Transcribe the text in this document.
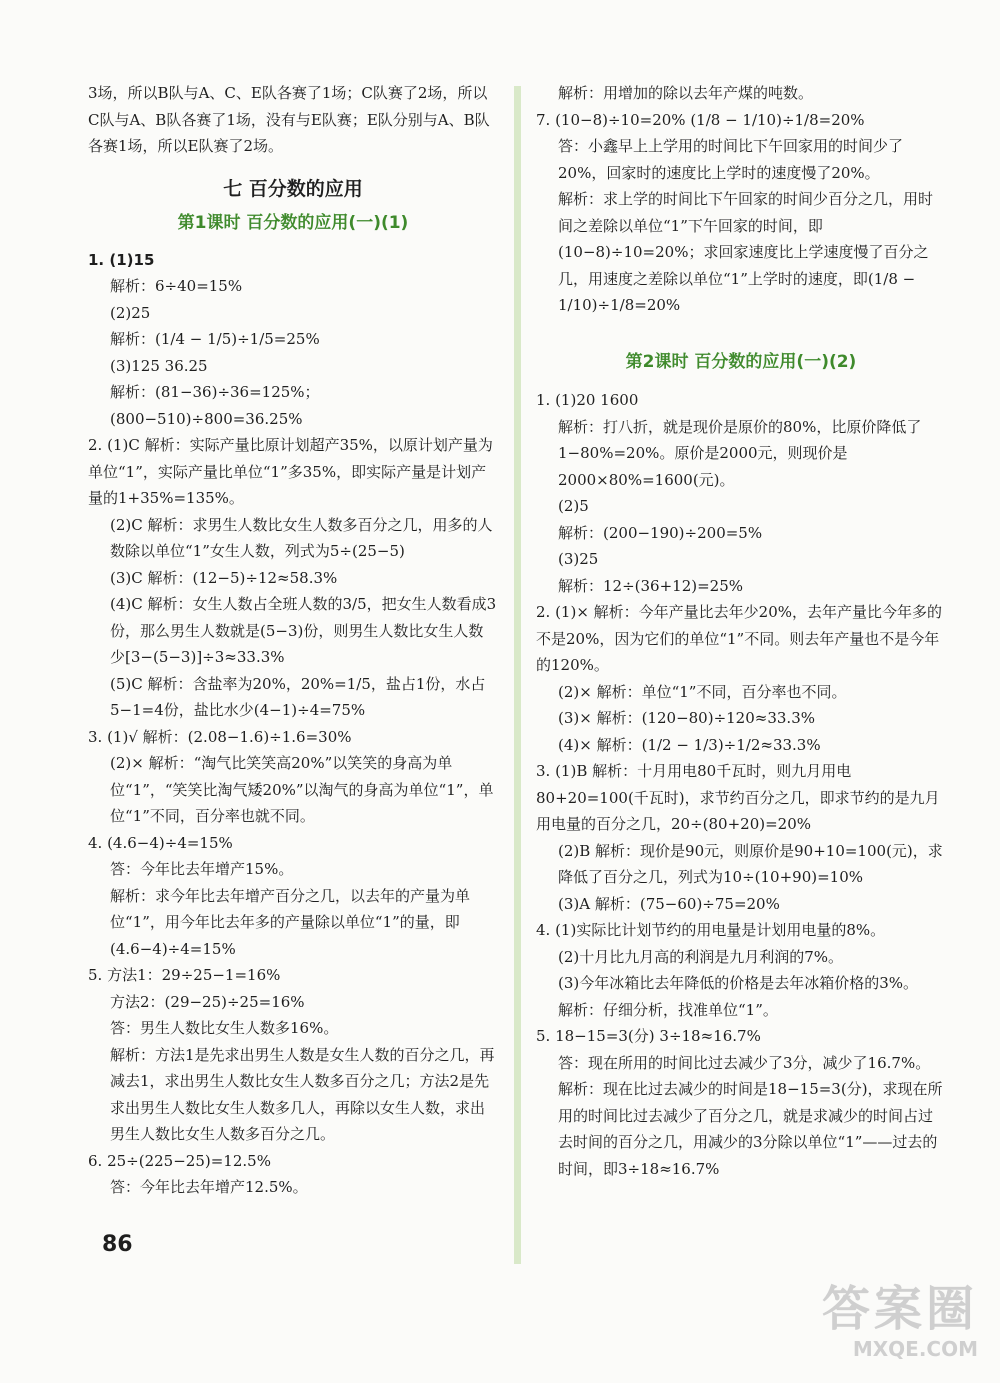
3场，所以B队与A、C、E队各赛了1场；C队赛了2场，所以C队与A、B队各赛了1场，没有与E队赛；E队分别与A、B队各赛1场，所以E队赛了2场。
七 百分数的应用
第1课时 百分数的应用(一)(1)
1. (1)15
解析：6÷40=15%
(2)25
解析：(1/4 − 1/5)÷1/5=25%
(3)125 36.25
解析：(81−36)÷36=125%；(800−510)÷800=36.25%
2. (1)C 解析：实际产量比原计划超产35%，以原计划产量为单位“1”，实际产量比单位“1”多35%，即实际产量是计划产量的1+35%=135%。
(2)C 解析：求男生人数比女生人数多百分之几，用多的人数除以单位“1”女生人数，列式为5÷(25−5)
(3)C 解析：(12−5)÷12≈58.3%
(4)C 解析：女生人数占全班人数的3/5，把女生人数看成3份，那么男生人数就是(5−3)份，则男生人数比女生人数少[3−(5−3)]÷3≈33.3%
(5)C 解析：含盐率为20%，20%=1/5，盐占1份，水占5−1=4份，盐比水少(4−1)÷4=75%
3. (1)√ 解析：(2.08−1.6)÷1.6=30%
(2)× 解析：“淘气比笑笑高20%”以笑笑的身高为单位“1”，“笑笑比淘气矮20%”以淘气的身高为单位“1”，单位“1”不同，百分率也就不同。
4. (4.6−4)÷4=15%
答：今年比去年增产15%。
解析：求今年比去年增产百分之几，以去年的产量为单位“1”，用今年比去年多的产量除以单位“1”的量，即(4.6−4)÷4=15%
5. 方法1：29÷25−1=16%
方法2：(29−25)÷25=16%
答：男生人数比女生人数多16%。
解析：方法1是先求出男生人数是女生人数的百分之几，再减去1，求出男生人数比女生人数多百分之几；方法2是先求出男生人数比女生人数多几人，再除以女生人数，求出男生人数比女生人数多百分之几。
6. 25÷(225−25)=12.5%
答：今年比去年增产12.5%。
解析：用增加的除以去年产煤的吨数。
7. (10−8)÷10=20% (1/8 − 1/10)÷1/8=20%
答：小鑫早上上学用的时间比下午回家用的时间少了20%，回家时的速度比上学时的速度慢了20%。
解析：求上学的时间比下午回家的时间少百分之几，用时间之差除以单位“1”下午回家的时间，即(10−8)÷10=20%；求回家速度比上学速度慢了百分之几，用速度之差除以单位“1”上学时的速度，即(1/8 − 1/10)÷1/8=20%
第2课时 百分数的应用(一)(2)
1. (1)20 1600
解析：打八折，就是现价是原价的80%，比原价降低了1−80%=20%。原价是2000元，则现价是2000×80%=1600(元)。
(2)5
解析：(200−190)÷200=5%
(3)25
解析：12÷(36+12)=25%
2. (1)× 解析：今年产量比去年少20%，去年产量比今年多的不是20%，因为它们的单位“1”不同。则去年产量也不是今年的120%。
(2)× 解析：单位“1”不同，百分率也不同。
(3)× 解析：(120−80)÷120≈33.3%
(4)× 解析：(1/2 − 1/3)÷1/2≈33.3%
3. (1)B 解析：十月用电80千瓦时，则九月用电80+20=100(千瓦时)，求节约百分之几，即求节约的是九月用电量的百分之几，20÷(80+20)=20%
(2)B 解析：现价是90元，则原价是90+10=100(元)，求降低了百分之几，列式为10÷(10+90)=10%
(3)A 解析：(75−60)÷75=20%
4. (1)实际比计划节约的用电量是计划用电量的8%。
(2)十月比九月高的利润是九月利润的7%。
(3)今年冰箱比去年降低的价格是去年冰箱价格的3%。
解析：仔细分析，找准单位“1”。
5. 18−15=3(分) 3÷18≈16.7%
答：现在所用的时间比过去减少了3分，减少了16.7%。
解析：现在比过去减少的时间是18−15=3(分)，求现在所用的时间比过去减少了百分之几，就是求减少的时间占过去时间的百分之几，用减少的3分除以单位“1”——过去的时间，即3÷18≈16.7%
86
答案圈
MXQE.COM
